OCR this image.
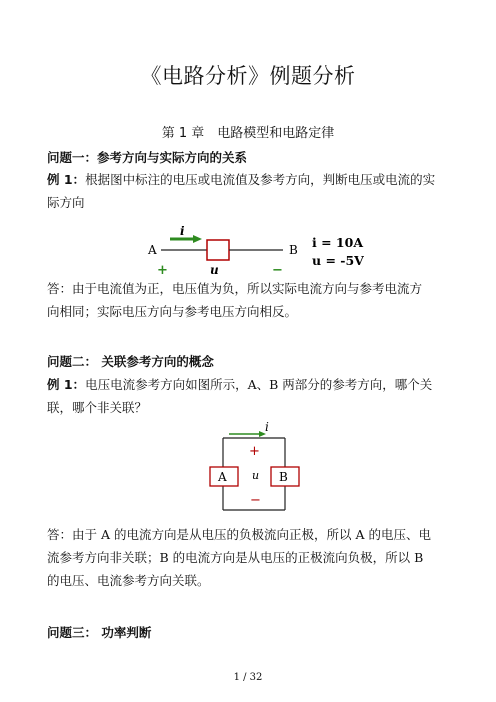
《电路分析》例题分析
第 1 章　电路模型和电路定律
问题一：参考方向与实际方向的关系
例 1：根据图中标注的电压或电流值及参考方向，判断电压或电流的实
际方向
A
i
B
+	u	−
i = 10A
u = -5V
答：由于电流值为正，电压值为负，所以实际电流方向与参考电流方
向相同；实际电压方向与参考电压方向相反。
问题二： 关联参考方向的概念
例 1：电压电流参考方向如图所示，A、B 两部分的参考方向，哪个关
联，哪个非关联？
i
+
−
u
A	B
答：由于 A 的电流方向是从电压的负极流向正极，所以 A 的电压、电
流参考方向非关联；B 的电流方向是从电压的正极流向负极，所以 B
的电压、电流参考方向关联。
问题三： 功率判断
1 / 32
